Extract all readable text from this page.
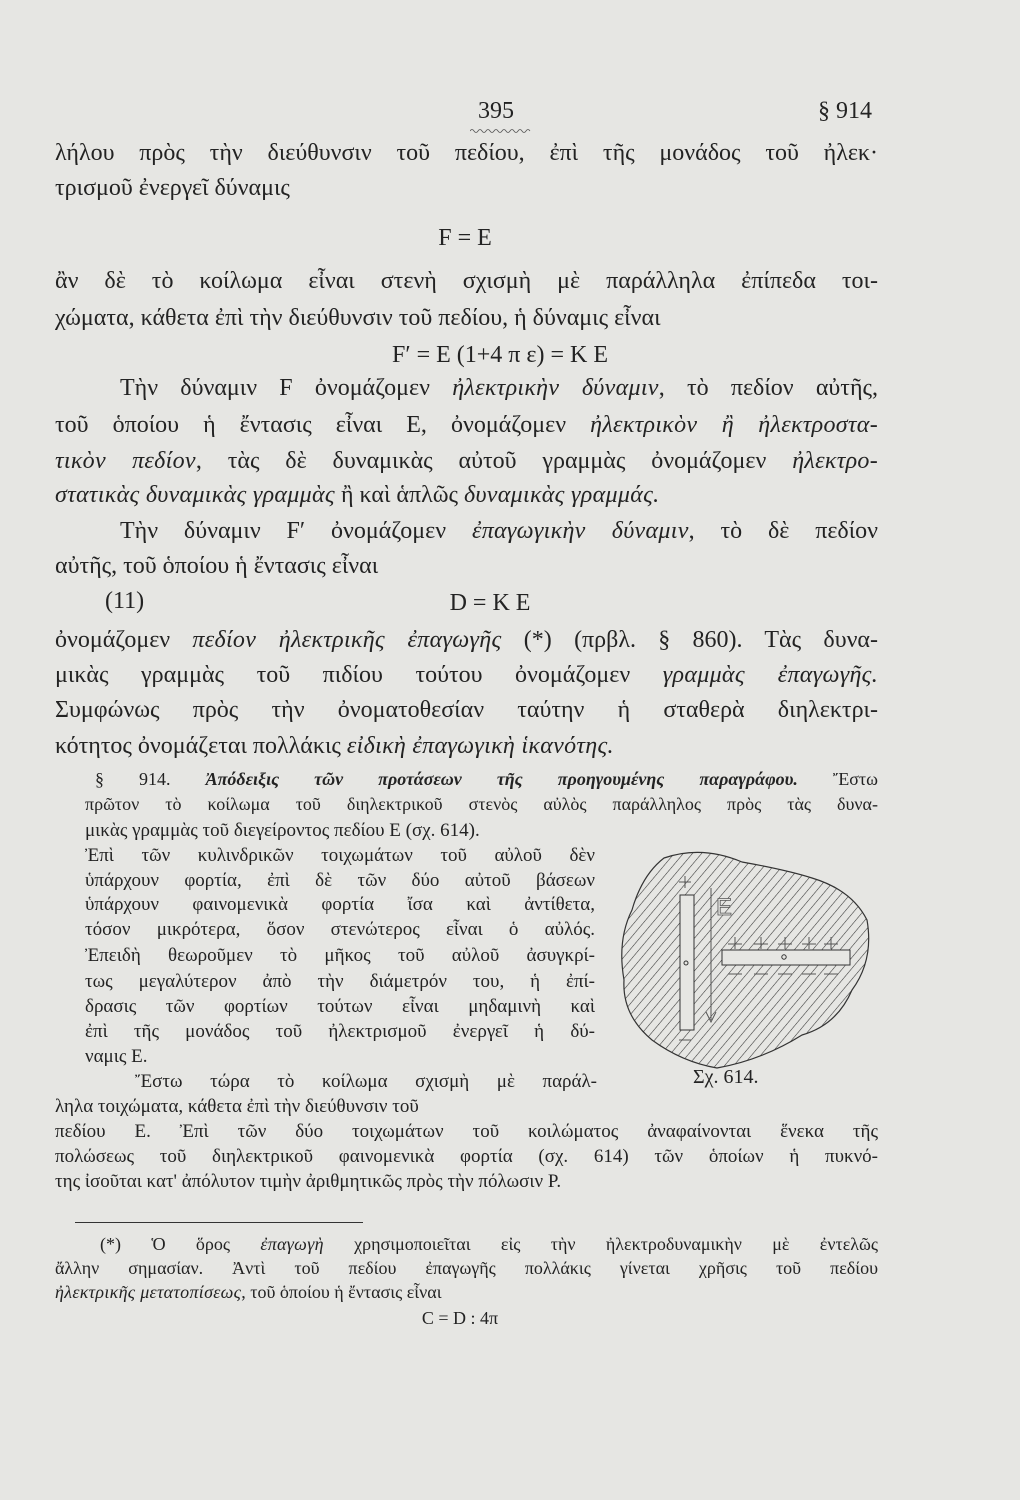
395	§ 914
λήλου πρὸς τὴν διεύθυνσιν τοῦ πεδίου, ἐπὶ τῆς μονάδος τοῦ ἠλεκ·
τρισμοῦ ἐνεργεῖ δύναμις
F = E
ἂν δὲ τὸ κοίλωμα εἶναι στενὴ σχισμὴ μὲ παράλληλα ἐπίπεδα τοι-
χώματα, κάθετα ἐπὶ τὴν διεύθυνσιν τοῦ πεδίου, ἡ δύναμις εἶναι
F′ = E (1+4 π ε) = K E
Τὴν δύναμιν F ὀνομάζομεν ἠλεκτρικὴν δύναμιν, τὸ πεδίον αὐτῆς,
τοῦ ὁποίου ἡ ἔντασις εἶναι E, ὀνομάζομεν ἠλεκτρικὸν ἢ ἠλεκτροστα-
τικὸν πεδίον, τὰς δὲ δυναμικὰς αὐτοῦ γραμμὰς ὀνομάζομεν ἠλεκτρο-
στατικὰς δυναμικὰς γραμμὰς ἢ καὶ ἁπλῶς δυναμικὰς γραμμάς.
Τὴν δύναμιν F′ ὀνομάζομεν ἐπαγωγικὴν δύναμιν, τὸ δὲ πεδίον
αὐτῆς, τοῦ ὁποίου ἡ ἔντασις εἶναι
D = K E
ὀνομάζομεν πεδίον ἠλεκτρικῆς ἐπαγωγῆς (*) (πρβλ. § 860). Τὰς δυνα-
μικὰς γραμμὰς τοῦ πιδίου τούτου ὀνομάζομεν γραμμὰς ἐπαγωγῆς.
Συμφώνως πρὸς τὴν ὀνοματοθεσίαν ταύτην ἡ σταθερὰ διηλεκτρι-
κότητος ὀνομάζεται πολλάκις εἰδικὴ ἐπαγωγικὴ ἱκανότης.
§ 914. Ἀπόδειξις τῶν προτάσεων τῆς προηγουμένης παραγράφου. Ἔστω
πρῶτον τὸ κοίλωμα τοῦ διηλεκτρικοῦ στενὸς αὐλὸς παράλληλος πρὸς τὰς δυνα-
μικὰς γραμμὰς τοῦ διεγείροντος πεδίου E (σχ. 614).
Ἐπὶ τῶν κυλινδρικῶν τοιχωμάτων τοῦ αὐλοῦ δὲν
ὑπάρχουν φορτία, ἐπὶ δὲ τῶν δύο αὐτοῦ βάσεων
ὑπάρχουν φαινομενικὰ φορτία ἴσα καὶ ἀντίθετα,
τόσον μικρότερα, ὅσον στενώτερος εἶναι ὁ αὐλός.
Ἐπειδὴ θεωροῦμεν τὸ μῆκος τοῦ αὐλοῦ ἀσυγκρί-
τως μεγαλύτερον ἀπὸ τὴν διάμετρόν του, ἡ ἐπί-
δρασις τῶν φορτίων τούτων εἶναι μηδαμινὴ καὶ
ἐπὶ τῆς μονάδος τοῦ ἠλεκτρισμοῦ ἐνεργεῖ ἡ δύ-
ναμις E.
Ἔστω τώρα τὸ κοίλωμα σχισμὴ μὲ παράλ-
ληλα τοιχώματα, κάθετα ἐπὶ τὴν διεύθυνσιν τοῦ
πεδίου E. Ἐπὶ τῶν δύο τοιχωμάτων τοῦ κοιλώματος ἀναφαίνονται ἕνεκα τῆς
πολώσεως τοῦ διηλεκτρικοῦ φαινομενικὰ φορτία (σχ. 614) τῶν ὁποίων ἡ πυκνό-
της ἰσοῦται κατ' ἀπόλυτον τιμὴν ἀριθμητικῶς πρὸς τὴν πόλωσιν P.
(*) Ὁ ὅρος ἐπαγωγὴ χρησιμοποιεῖται εἰς τὴν ἠλεκτροδυναμικὴν μὲ ἐντελῶς
ἄλλην σημασίαν. Ἀντὶ τοῦ πεδίου ἐπαγωγῆς πολλάκις γίνεται χρῆσις τοῦ πεδίου
ἠλεκτρικῆς μετατοπίσεως, τοῦ ὁποίου ἡ ἔντασις εἶναι
C = D : 4π
E
Σχ. 614.
(11)
